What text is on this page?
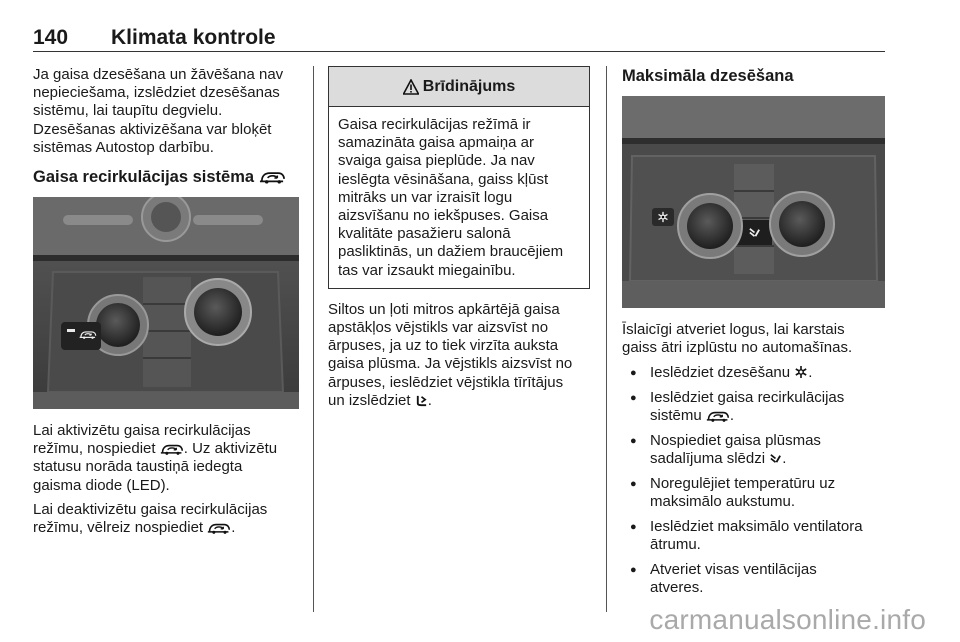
140 Klimata kontrole

Ja gaisa dzesēšana un žāvēšana nav
nepieciešama, izslēdziet dzesēšanas
sistēmu, lai taupītu degvielu.
Dzesēšanas aktivizēšana var bloķēt
sistēmas Autostop darbību.

Gaisa recirkulācijas sistēma

Lai aktivizētu gaisa recirkulācijas
režīmu, nospiediet . Uz aktivizētu
statusu norāda taustiņā iedegta
gaisma diode (LED).

Lai deaktivizētu gaisa recirkulācijas
režīmu, vēlreiz nospiediet .

Brīdinājums
Gaisa recirkulācijas režīmā ir
samazināta gaisa apmaiņa ar
svaiga gaisa pieplūde. Ja nav
ieslēgta vēsināšana, gaiss kļūst
mitrāks un var izraisīt logu
aizsvīšanu no iekšpuses. Gaisa
kvalitāte pasažieru salonā
pasliktinās, un dažiem braucējiem
tas var izsaukt miegainību.

Siltos un ļoti mitros apkārtējā gaisa
apstākļos vējstikls var aizsvīst no
ārpuses, ja uz to tiek virzīta auksta
gaisa plūsma. Ja vējstikls aizsvīst no
ārpuses, ieslēdziet vējstikla tīrītājus
un izslēdziet .

Maksimāla dzesēšana

Īslaicīgi atveriet logus, lai karstais
gaiss ātri izplūstu no automašīnas.

● Ieslēdziet dzesēšanu .
● Ieslēdziet gaisa recirkulācijas
sistēmu .
● Nospiediet gaisa plūsmas
sadalījuma slēdzi .
● Noregulējiet temperatūru uz
maksimālo aukstumu.
● Ieslēdziet maksimālo ventilatora
ātrumu.
● Atveriet visas ventilācijas
atveres.
carmanualsonline.info
